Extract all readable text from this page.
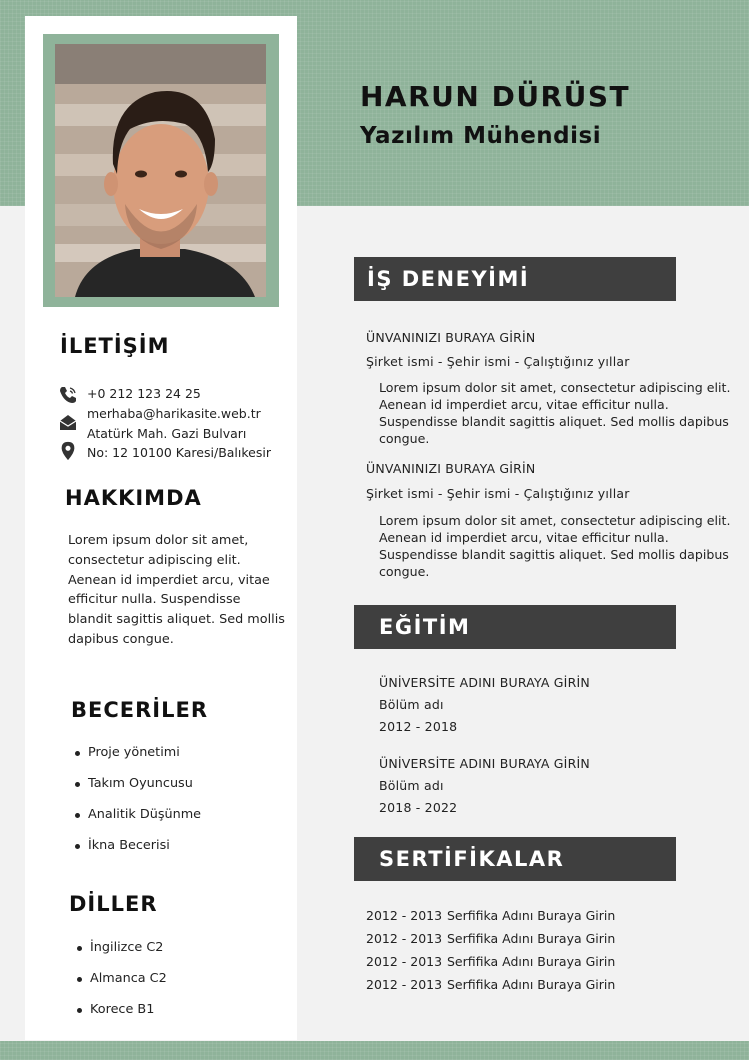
HARUN DÜRÜST
Yazılım Mühendisi
İLETİŞİM
+0 212 123 24 25
merhaba@harikasite.web.tr
Atatürk Mah. Gazi Bulvarı
No: 12 10100 Karesi/Balıkesir
HAKKIMDA
Lorem ipsum dolor sit amet, consectetur adipiscing elit. Aenean id imperdiet arcu, vitae efficitur nulla. Suspendisse blandit sagittis aliquet. Sed mollis dapibus congue.
BECERİLER
Proje yönetimi
Takım Oyuncusu
Analitik Düşünme
İkna Becerisi
DİLLER
İngilizce C2
Almanca C2
Korece B1
İŞ DENEYİMİ
ÜNVANINIZI BURAYA GİRİN
Şirket ismi - Şehir ismi - Çalıştığınız yıllar
Lorem ipsum dolor sit amet, consectetur adipiscing elit. Aenean id imperdiet arcu, vitae efficitur nulla. Suspendisse blandit sagittis aliquet. Sed mollis dapibus congue.
ÜNVANINIZI BURAYA GİRİN
Şirket ismi - Şehir ismi - Çalıştığınız yıllar
Lorem ipsum dolor sit amet, consectetur adipiscing elit. Aenean id imperdiet arcu, vitae efficitur nulla. Suspendisse blandit sagittis aliquet. Sed mollis dapibus congue.
EĞİTİM
ÜNİVERSİTE ADINI BURAYA GİRİN
Bölüm adı
2012 - 2018
ÜNİVERSİTE ADINI BURAYA GİRİN
Bölüm adı
2018 - 2022
SERTİFİKALAR
2012 - 2013 Serfifika Adını Buraya Girin
2012 - 2013 Serfifika Adını Buraya Girin
2012 - 2013 Serfifika Adını Buraya Girin
2012 - 2013 Serfifika Adını Buraya Girin
